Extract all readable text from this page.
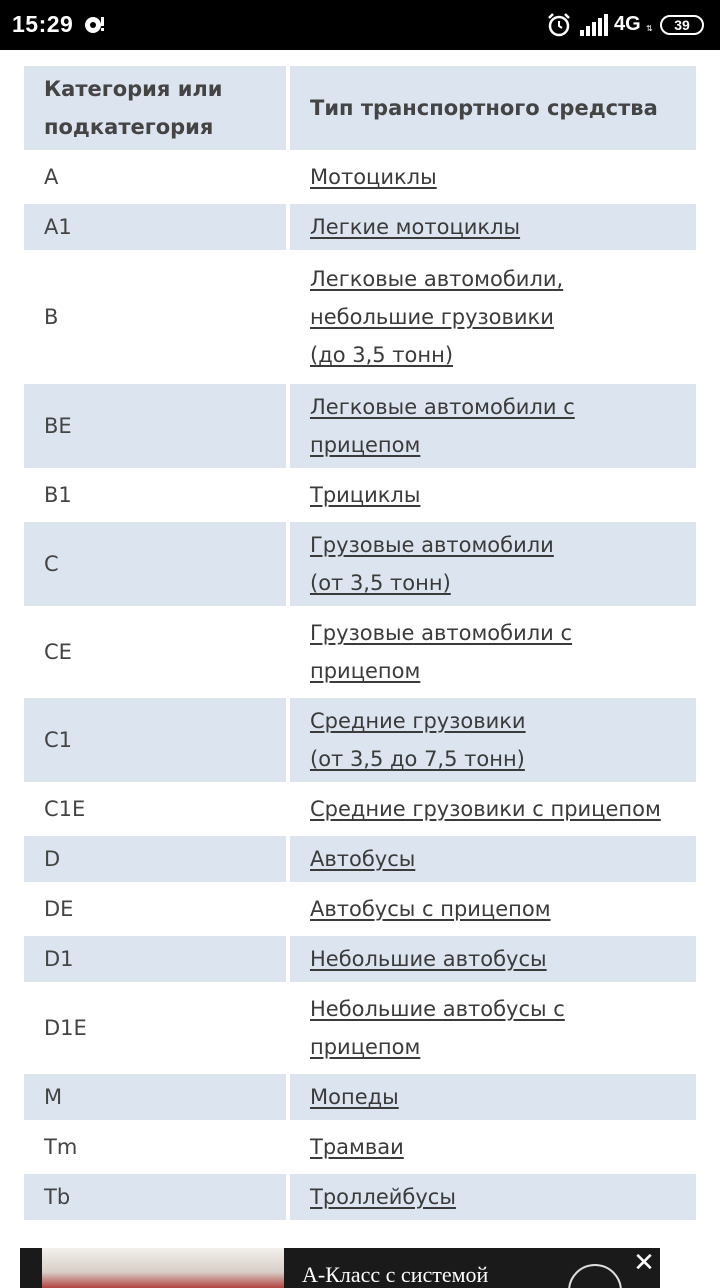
15:29	4G ⇅	39
Категория или подкатегория	Тип транспортного средства
A	Мотоциклы
A1	Легкие мотоциклы
B	Легковые автомобили, небольшие грузовики (до 3,5 тонн)
BE	Легковые автомобили с прицепом
B1	Трициклы
C	Грузовые автомобили (от 3,5 тонн)
CE	Грузовые автомобили с прицепом
C1	Средние грузовики (от 3,5 до 7,5 тонн)
C1E	Средние грузовики с прицепом
D	Автобусы
DE	Автобусы с прицепом
D1	Небольшие автобусы
D1E	Небольшие автобусы с прицепом
M	Мопеды
Tm	Трамваи
Tb	Троллейбусы
A-Класс с системой	✕
